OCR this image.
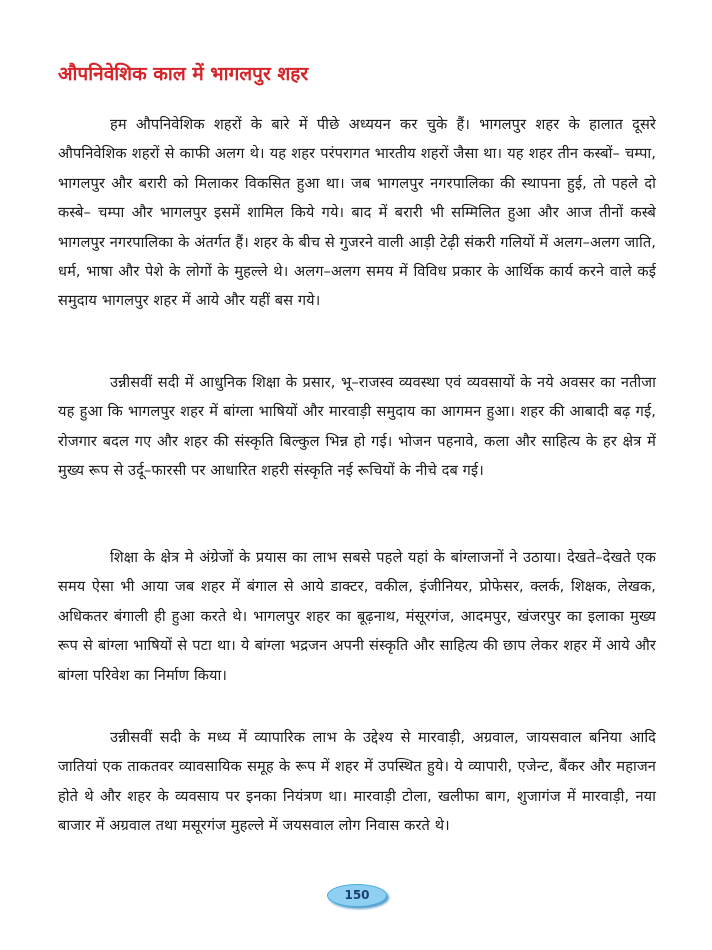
औपनिवेशिक काल में भागलपुर शहर

हम औपनिवेशिक शहरों के बारे में पीछे अध्ययन कर चुके हैं। भागलपुर शहर के हालात दूसरे औपनिवेशिक शहरों से काफी अलग थे। यह शहर परंपरागत भारतीय शहरों जैसा था। यह शहर तीन कस्बों– चम्पा, भागलपुर और बरारी को मिलाकर विकसित हुआ था। जब भागलपुर नगरपालिका की स्थापना हुई, तो पहले दो कस्बे– चम्पा और भागलपुर इसमें शामिल किये गये। बाद में बरारी भी सम्मिलित हुआ और आज तीनों कस्बे भागलपुर नगरपालिका के अंतर्गत हैं। शहर के बीच से गुजरने वाली आड़ी टेढ़ी संकरी गलियों में अलग–अलग जाति, धर्म, भाषा और पेशे के लोगों के मुहल्ले थे। अलग–अलग समय में विविध प्रकार के आर्थिक कार्य करने वाले कई समुदाय भागलपुर शहर में आये और यहीं बस गये।

उन्नीसवीं सदी में आधुनिक शिक्षा के प्रसार, भू–राजस्व व्यवस्था एवं व्यवसायों के नये अवसर का नतीजा यह हुआ कि भागलपुर शहर में बांग्ला भाषियों और मारवाड़ी समुदाय का आगमन हुआ। शहर की आबादी बढ़ गई, रोजगार बदल गए और शहर की संस्कृति बिल्कुल भिन्न हो गई। भोजन पहनावे, कला और साहित्य के हर क्षेत्र में मुख्य रूप से उर्दू–फारसी पर आधारित शहरी संस्कृति नई रूचियों के नीचे दब गई।

शिक्षा के क्षेत्र मे अंग्रेजों के प्रयास का लाभ सबसे पहले यहां के बांग्लाजनों ने उठाया। देखते–देखते एक समय ऐसा भी आया जब शहर में बंगाल से आये डाक्टर, वकील, इंजीनियर, प्रोफेसर, क्लर्क, शिक्षक, लेखक, अधिकतर बंगाली ही हुआ करते थे। भागलपुर शहर का बूढ़नाथ, मंसूरगंज, आदमपुर, खंजरपुर का इलाका मुख्य रूप से बांग्ला भाषियों से पटा था। ये बांग्ला भद्रजन अपनी संस्कृति और साहित्य की छाप लेकर शहर में आये और बांग्ला परिवेश का निर्माण किया।

उन्नीसवीं सदी के मध्य में व्यापारिक लाभ के उद्देश्य से मारवाड़ी, अग्रवाल, जायसवाल बनिया आदि जातियां एक ताकतवर व्यावसायिक समूह के रूप में शहर में उपस्थित हुये। ये व्यापारी, एजेन्ट, बैंकर और महाजन होते थे और शहर के व्यवसाय पर इनका नियंत्रण था। मारवाड़ी टोला, खलीफा बाग, शुजागंज में मारवाड़ी, नया बाजार में अग्रवाल तथा मसूरगंज मुहल्ले में जयसवाल लोग निवास करते थे।

150
